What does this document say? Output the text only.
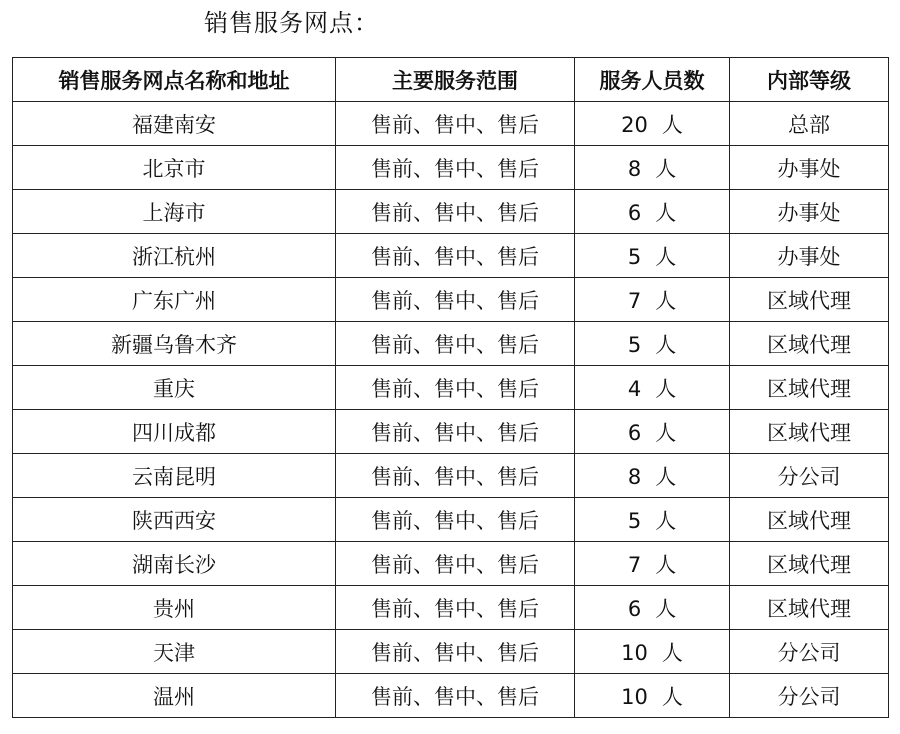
销售服务网点：
销售服务网点名称和地址	主要服务范围	服务人员数	内部等级
福建南安	售前、售中、售后	20 人	总部
北京市	售前、售中、售后	8 人	办事处
上海市	售前、售中、售后	6 人	办事处
浙江杭州	售前、售中、售后	5 人	办事处
广东广州	售前、售中、售后	7 人	区域代理
新疆乌鲁木齐	售前、售中、售后	5 人	区域代理
重庆	售前、售中、售后	4 人	区域代理
四川成都	售前、售中、售后	6 人	区域代理
云南昆明	售前、售中、售后	8 人	分公司
陕西西安	售前、售中、售后	5 人	区域代理
湖南长沙	售前、售中、售后	7 人	区域代理
贵州	售前、售中、售后	6 人	区域代理
天津	售前、售中、售后	10 人	分公司
温州	售前、售中、售后	10 人	分公司
